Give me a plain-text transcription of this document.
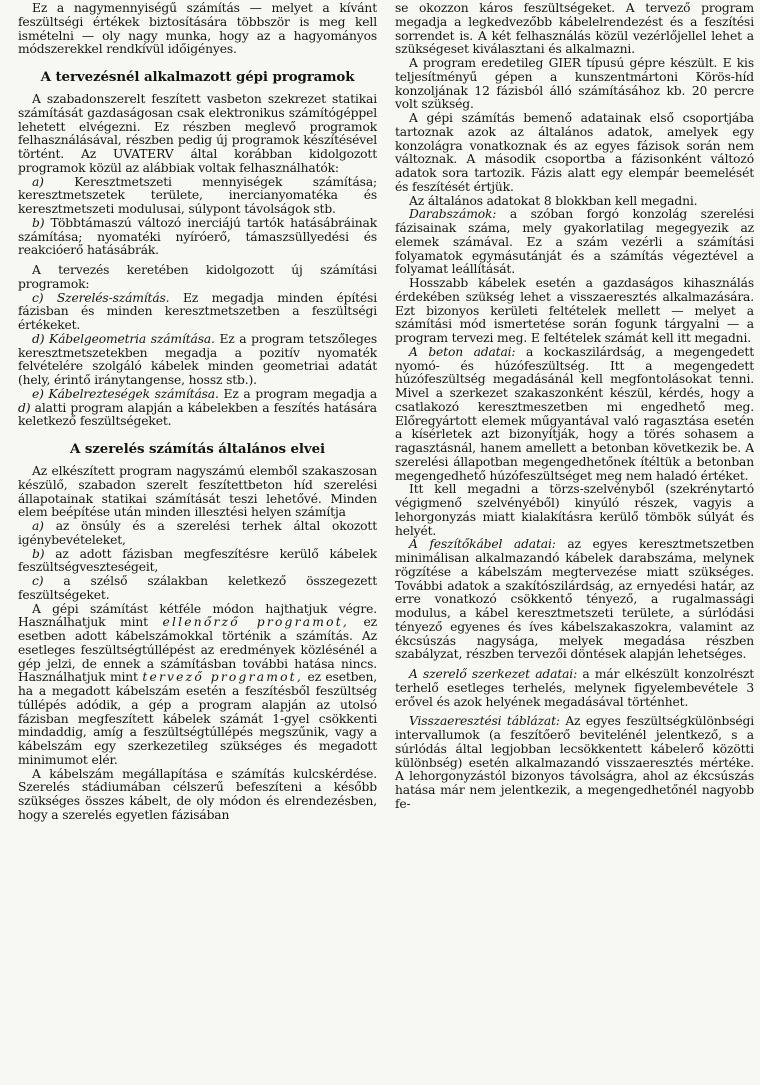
Ez a nagymennyiségű számítás — melyet a kívánt feszültségi értékek biztosítására többször is meg kell ismételni — oly nagy munka, hogy az a hagyományos módszerekkel rendkívül időigényes.

A tervezésnél alkalmazott gépi programok

A szabadonszerelt feszített vasbeton szekrezet statikai számítását gazdaságosan csak elektronikus számítógéppel lehetett elvégezni. Ez részben meglevő programok felhasználásával, részben pedig új programok készítésével történt. Az UVATERV által korábban kidolgozott programok közül az alábbiak voltak felhasználhatók:

a) Keresztmetszeti mennyiségek számítása; keresztmetszetek területe, inercianyomatéka és keresztmetszeti modulusai, súlypont távolságok stb.

b) Többtámaszú változó inerciájú tartók hatásábráinak számítása; nyomatéki nyíróerő, támaszsüllyedési és reakcióerő hatásábrák.

A tervezés keretében kidolgozott új számítási programok:

c) Szerelés-számítás. Ez megadja minden építési fázisban és minden keresztmetszetben a feszültségi értékeket.

d) Kábelgeometria számítása. Ez a program tetszőleges keresztmetszetekben megadja a pozitív nyomaték felvételére szolgáló kábelek minden geometriai adatát (hely, érintő iránytangense, hossz stb.).

e) Kábelrezteségek számítása. Ez a program megadja a d) alatti program alapján a kábelekben a feszítés hatására keletkező feszültségeket.

A szerelés számítás általános elvei

Az elkészített program nagyszámú elemből szakaszosan készülő, szabadon szerelt feszítettbeton híd szerelési állapotainak statikai számítását teszi lehetővé. Minden elem beépítése után minden illesztési helyen számítja

a) az önsúly és a szerelési terhek által okozott igénybevételeket,

b) az adott fázisban megfeszítésre kerülő kábelek feszültségveszteségeit,

c) a szélső szálakban keletkező összegezett feszültségeket.

A gépi számítást kétféle módon hajthatjuk végre. Használhatjuk mint ellenőrző programot, ez esetben adott kábelszámokkal történik a számítás. Az esetleges feszültségtúllépést az eredmények közlésénél a gép jelzi, de ennek a számításban további hatása nincs. Használhatjuk mint tervező programot, ez esetben, ha a megadott kábelszám esetén a feszítésből feszültség túllépés adódik, a gép a program alapján az utolsó fázisban megfeszített kábelek számát 1-gyel csökkenti mindaddig, amíg a feszültségtúllépés megszűnik, vagy a kábelszám egy szerkezetileg szükséges és megadott minimumot elér.

A kábelszám megállapítása e számítás kulcskérdése. Szerelés stádiumában célszerű befeszíteni a később szükséges összes kábelt, de oly módon és elrendezésben, hogy a szerelés egyetlen fázisában

se okozzon káros feszültségeket. A tervező program megadja a legkedvezőbb kábelelrendezést és a feszítési sorrendet is. A két felhasználás közül vezérlőjellel lehet a szükségeset kiválasztani és alkalmazni.

A program eredetileg GIER típusú gépre készült. E kis teljesítményű gépen a kunszentmártoni Körös-híd konzoljának 12 fázisból álló számításához kb. 20 percre volt szükség.

A gépi számítás bemenő adatainak első csoportjába tartoznak azok az általános adatok, amelyek egy konzolágra vonatkoznak és az egyes fázisok során nem változnak. A második csoportba a fázisonként változó adatok sora tartozik. Fázis alatt egy elempár beemelését és feszítését értjük.

Az általános adatokat 8 blokkban kell megadni.

Darabszámok: a szóban forgó konzolág szerelési fázisainak száma, mely gyakorlatilag megegyezik az elemek számával. Ez a szám vezérli a számítási folyamatok egymásutánját és a számítás végeztével a folyamat leállítását.

Hosszabb kábelek esetén a gazdaságos kihasználás érdekében szükség lehet a visszaeresztés alkalmazására. Ezt bizonyos kerületi feltételek mellett — melyet a számítási mód ismertetése során fogunk tárgyalni — a program tervezi meg. E feltételek számát kell itt megadni.

A beton adatai: a kockaszilárdság, a megengedett nyomó- és húzófeszültség. Itt a megengedett húzófeszültség megadásánál kell megfontolásokat tenni. Mivel a szerkezet szakaszonként készül, kérdés, hogy a csatlakozó keresztmeszetben mi engedhető meg. Előregyártott elemek műgyantával való ragasztása esetén a kísérletek azt bizonyítják, hogy a törés sohasem a ragasztásnál, hanem amellett a betonban következik be. A szerelési állapotban megengedhetőnek ítéltük a betonban megengedhető húzófeszültséget meg nem haladó értéket.

Itt kell megadni a törzs-szelvényből (szekrénytartó végigmenő szelvényéből) kinyúló részek, vagyis a lehorgonyzás miatt kialakításra kerülő tömbök súlyát és helyét.

A feszítőkábel adatai: az egyes keresztmetszetben minimálisan alkalmazandó kábelek darabszáma, melynek rögzítése a kábelszám megtervezése miatt szükséges. További adatok a szakítószilárdság, az ernyedési határ, az erre vonatkozó csökkentő tényező, a rugalmassági modulus, a kábel keresztmetszeti területe, a súrlódási tényező egyenes és íves kábelszakaszokra, valamint az ékcsúszás nagysága, melyek megadása részben szabályzat, részben tervezői döntések alapján lehetséges.

A szerelő szerkezet adatai: a már elkészült konzolrészt terhelő esetleges terhelés, melynek figyelembevétele 3 erővel és azok helyének megadásával történhet.

Visszaeresztési táblázat: Az egyes feszültségkülönbségi intervallumok (a feszítőerő bevitelénél jelentkező, s a súrlódás által legjobban lecsökkentett kábelerő közötti különbség) esetén alkalmazandó visszaeresztés mértéke. A lehorgonyzástól bizonyos távolságra, ahol az ékcsúszás hatása már nem jelentkezik, a megengedhetőnél nagyobb fe-
